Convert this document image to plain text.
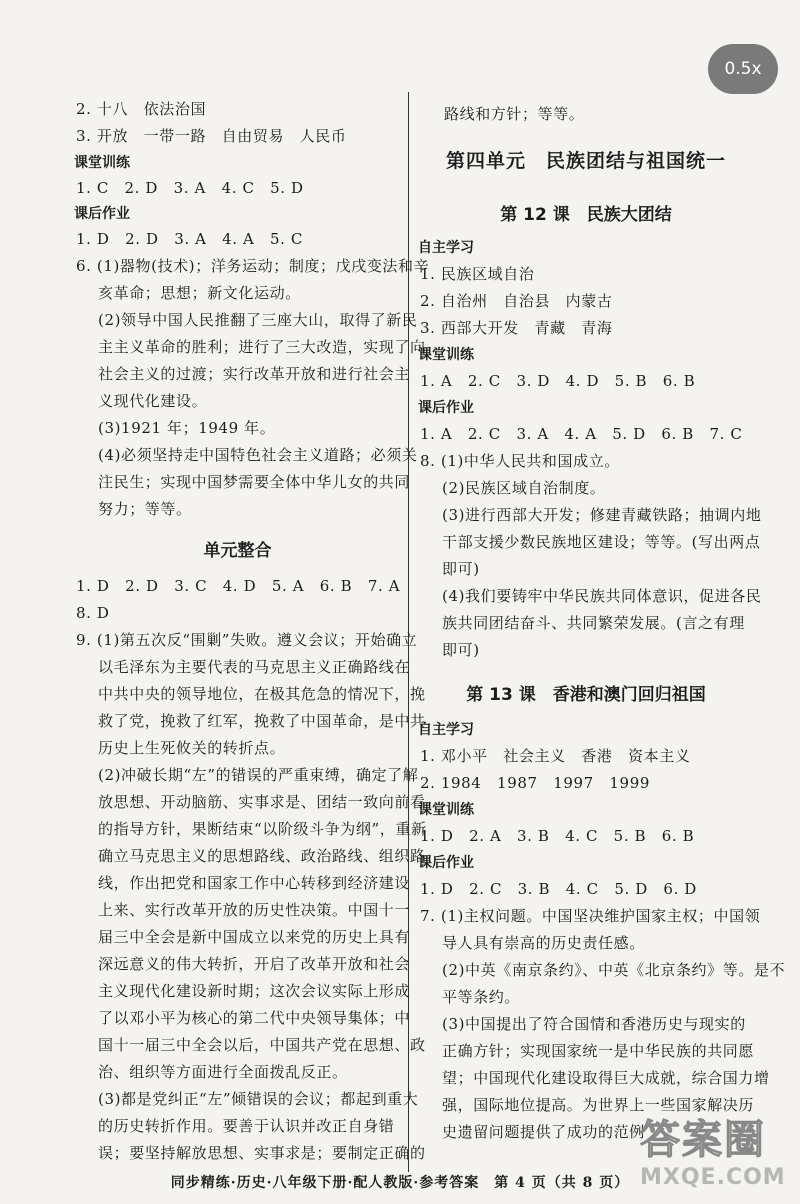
0.5x
2. 十八　依法治国
3. 开放　一带一路　自由贸易　人民币
课堂训练
1. C　2. D　3. A　4. C　5. D
课后作业
1. D　2. D　3. A　4. A　5. C
6. (1)器物(技术)；洋务运动；制度；戊戌变法和辛
亥革命；思想；新文化运动。
(2)领导中国人民推翻了三座大山，取得了新民
主主义革命的胜利；进行了三大改造，实现了向
社会主义的过渡；实行改革开放和进行社会主
义现代化建设。
(3)1921 年；1949 年。
(4)必须坚持走中国特色社会主义道路；必须关
注民生；实现中国梦需要全体中华儿女的共同
努力；等等。
单元整合
1. D　2. D　3. C　4. D　5. A　6. B　7. A
8. D
9. (1)第五次反“围剿”失败。遵义会议；开始确立
以毛泽东为主要代表的马克思主义正确路线在
中共中央的领导地位，在极其危急的情况下，挽
救了党，挽救了红军，挽救了中国革命，是中共
历史上生死攸关的转折点。
(2)冲破长期“左”的错误的严重束缚，确定了解
放思想、开动脑筋、实事求是、团结一致向前看
的指导方针，果断结束“以阶级斗争为纲”，重新
确立马克思主义的思想路线、政治路线、组织路
线，作出把党和国家工作中心转移到经济建设
上来、实行改革开放的历史性决策。中国十一
届三中全会是新中国成立以来党的历史上具有
深远意义的伟大转折，开启了改革开放和社会
主义现代化建设新时期；这次会议实际上形成
了以邓小平为核心的第二代中央领导集体；中
国十一届三中全会以后，中国共产党在思想、政
治、组织等方面进行全面拨乱反正。
(3)都是党纠正“左”倾错误的会议；都起到重大
的历史转折作用。要善于认识并改正自身错
误；要坚持解放思想、实事求是；要制定正确的
路线和方针；等等。
第四单元　民族团结与祖国统一
第 12 课　民族大团结
自主学习
1. 民族区域自治
2. 自治州　自治县　内蒙古
3. 西部大开发　青藏　青海
课堂训练
1. A　2. C　3. D　4. D　5. B　6. B
课后作业
1. A　2. C　3. A　4. A　5. D　6. B　7. C
8. (1)中华人民共和国成立。
(2)民族区域自治制度。
(3)进行西部大开发；修建青藏铁路；抽调内地
干部支援少数民族地区建设；等等。(写出两点
即可)
(4)我们要铸牢中华民族共同体意识，促进各民
族共同团结奋斗、共同繁荣发展。(言之有理
即可)
第 13 课　香港和澳门回归祖国
自主学习
1. 邓小平　社会主义　香港　资本主义
2. 1984　1987　1997　1999
课堂训练
1. D　2. A　3. B　4. C　5. B　6. B
课后作业
1. D　2. C　3. B　4. C　5. D　6. D
7. (1)主权问题。中国坚决维护国家主权；中国领
导人具有崇高的历史责任感。
(2)中英《南京条约》、中英《北京条约》等。是不
平等条约。
(3)中国提出了符合国情和香港历史与现实的
正确方针；实现国家统一是中华民族的共同愿
望；中国现代化建设取得巨大成就，综合国力增
强，国际地位提高。为世界上一些国家解决历
史遗留问题提供了成功的范例
答案圈
MXQE.COM
同步精练·历史·八年级下册·配人教版·参考答案　第 4 页（共 8 页）
